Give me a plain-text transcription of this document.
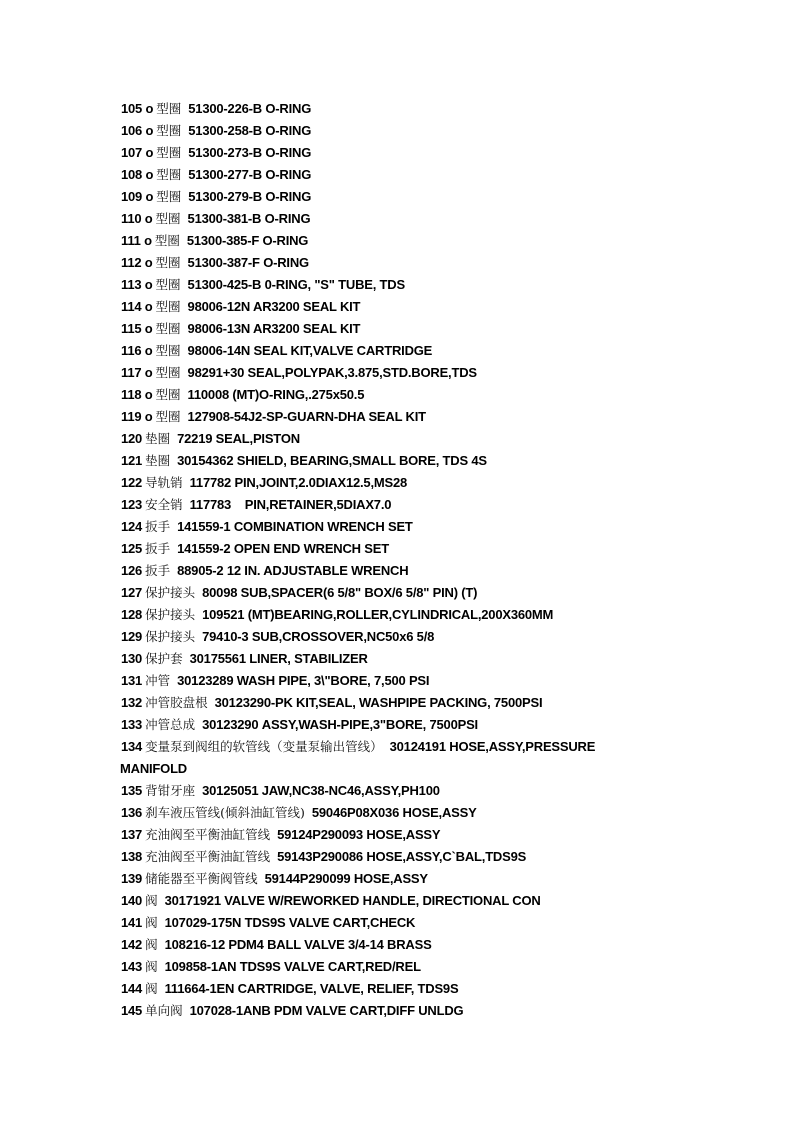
105 o 型圈 51300-226-B O-RING
106 o 型圈 51300-258-B O-RING
107 o 型圈 51300-273-B O-RING
108 o 型圈 51300-277-B O-RING
109 o 型圈 51300-279-B O-RING
110 o 型圈 51300-381-B O-RING
111 o 型圈 51300-385-F O-RING
112 o 型圈 51300-387-F O-RING
113 o 型圈 51300-425-B 0-RING, "S" TUBE, TDS
114 o 型圈 98006-12N AR3200 SEAL KIT
115 o 型圈 98006-13N AR3200 SEAL KIT
116 o 型圈 98006-14N SEAL KIT,VALVE CARTRIDGE
117 o 型圈 98291+30 SEAL,POLYPAK,3.875,STD.BORE,TDS
118 o 型圈 110008 (MT)O-RING,.275x50.5
119 o 型圈 127908-54J2-SP-GUARN-DHA SEAL KIT
120 垫圈 72219 SEAL,PISTON
121 垫圈 30154362 SHIELD, BEARING,SMALL BORE, TDS 4S
122 导轨销 117782 PIN,JOINT,2.0DIAX12.5,MS28
123 安全销 117783    PIN,RETAINER,5DIAX7.0
124 扳手 141559-1 COMBINATION WRENCH SET
125 扳手 141559-2 OPEN END WRENCH SET
126 扳手 88905-2 12 IN. ADJUSTABLE WRENCH
127 保护接头 80098 SUB,SPACER(6 5/8" BOX/6 5/8" PIN) (T)
128 保护接头 109521 (MT)BEARING,ROLLER,CYLINDRICAL,200X360MM
129 保护接头 79410-3 SUB,CROSSOVER,NC50x6 5/8
130 保护套 30175561 LINER, STABILIZER
131 冲管 30123289 WASH PIPE, 3\"BORE, 7,500 PSI
132 冲管胶盘根 30123290-PK KIT,SEAL, WASHPIPE PACKING, 7500PSI
133 冲管总成 30123290 ASSY,WASH-PIPE,3"BORE, 7500PSI
134 变量泵到阀组的软管线（变量泵输出管线） 30124191 HOSE,ASSY,PRESSURE
MANIFOLD
135 背钳牙座 30125051 JAW,NC38-NC46,ASSY,PH100
136 刹车液压管线(倾斜油缸管线) 59046P08X036 HOSE,ASSY
137 充油阀至平衡油缸管线 59124P290093 HOSE,ASSY
138 充油阀至平衡油缸管线 59143P290086 HOSE,ASSY,C`BAL,TDS9S
139 储能器至平衡阀管线 59144P290099 HOSE,ASSY
140 阀 30171921 VALVE W/REWORKED HANDLE, DIRECTIONAL CON
141 阀 107029-175N TDS9S VALVE CART,CHECK
142 阀 108216-12 PDM4 BALL VALVE 3/4-14 BRASS
143 阀 109858-1AN TDS9S VALVE CART,RED/REL
144 阀 111664-1EN CARTRIDGE, VALVE, RELIEF, TDS9S
145 单向阀 107028-1ANB PDM VALVE CART,DIFF UNLDG
